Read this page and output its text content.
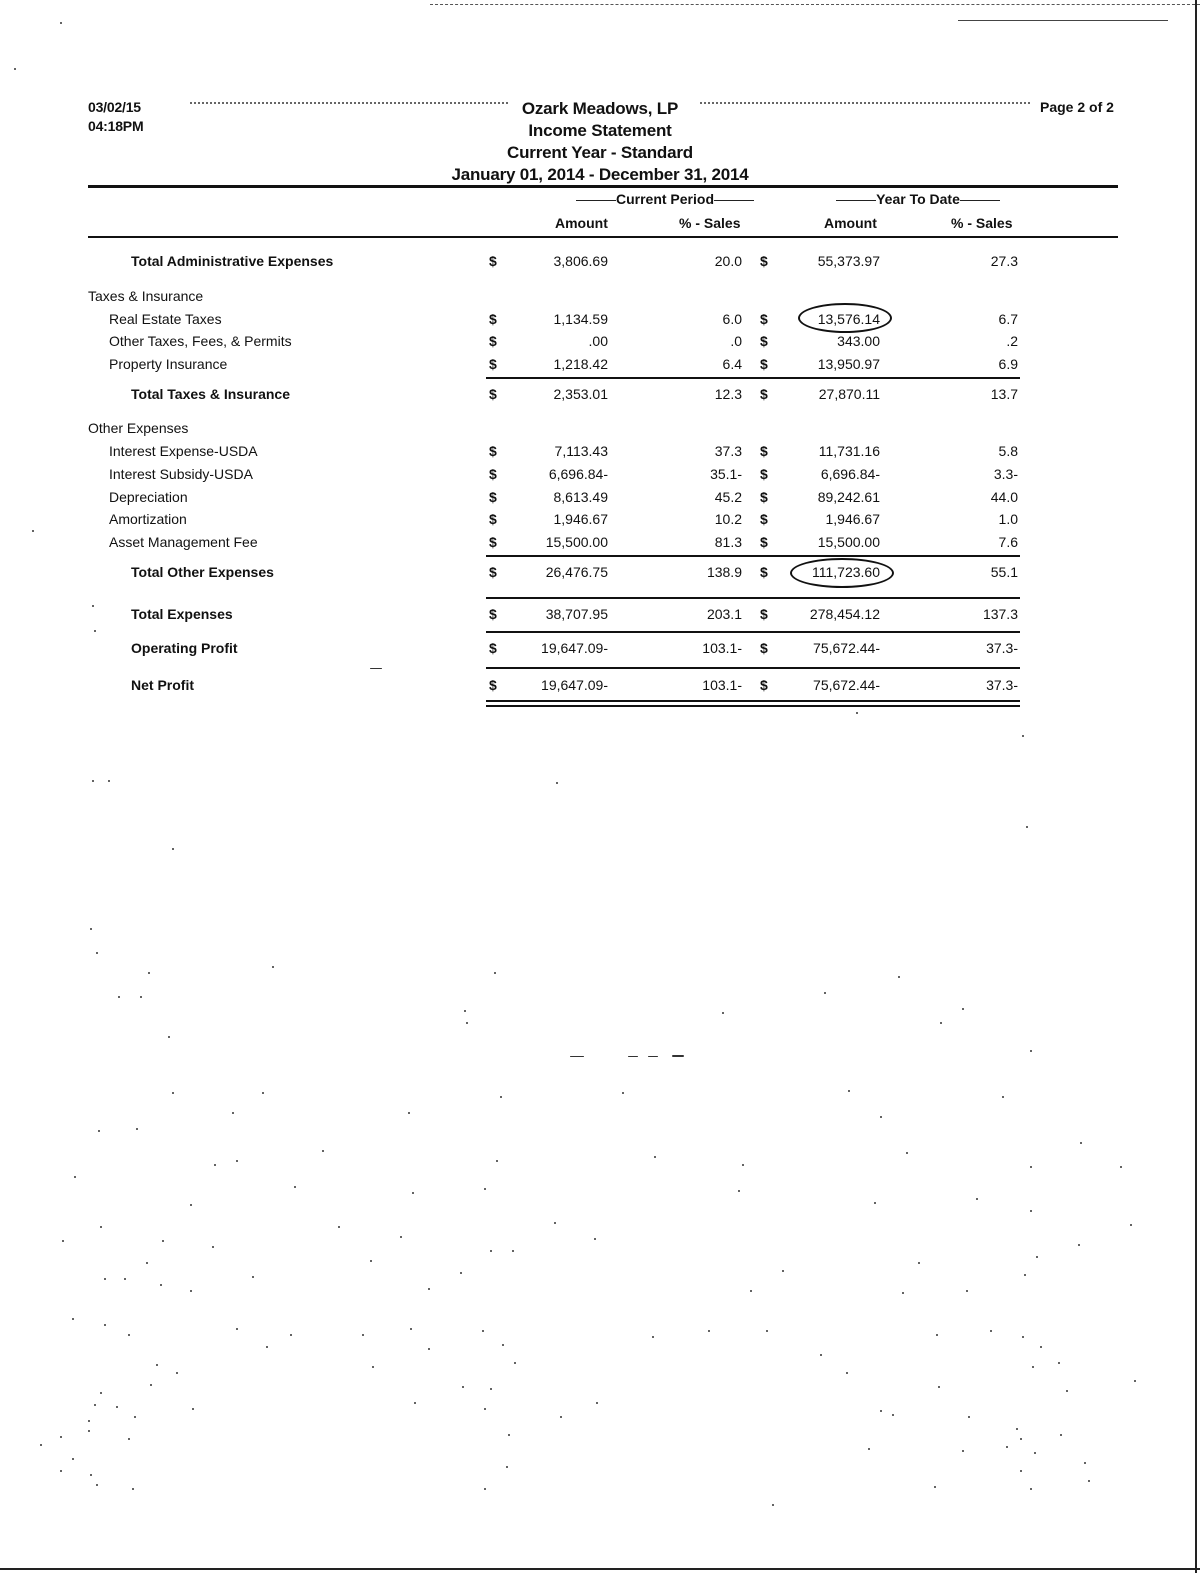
03/02/15
04:18PM
Ozark Meadows, LP
Income Statement
Current Year - Standard
January 01, 2014 - December 31, 2014
Page 2 of 2
Current Period	Year To Date
Amount	% - Sales	Amount	% - Sales
Total Administrative Expenses	$	3,806.69	20.0 $	55,373.97	27.3
Taxes & Insurance
Real Estate Taxes	$	1,134.59	6.0 $	13,576.14	6.7
Other Taxes, Fees, & Permits	$	.00	.0 $	343.00	.2
Property Insurance	$	1,218.42	6.4 $	13,950.97	6.9
Total Taxes & Insurance	$	2,353.01	12.3 $	27,870.11	13.7
Other Expenses
Interest Expense-USDA	$	7,113.43	37.3 $	11,731.16	5.8
Interest Subsidy-USDA	$	6,696.84-	35.1- $	6,696.84-	3.3-
Depreciation	$	8,613.49	45.2 $	89,242.61	44.0
Amortization	$	1,946.67	10.2 $	1,946.67	1.0
Asset Management Fee	$	15,500.00	81.3 $	15,500.00	7.6
Total Other Expenses	$	26,476.75	138.9 $	111,723.60	55.1
Total Expenses	$	38,707.95	203.1 $	278,454.12	137.3
Operating Profit	$	19,647.09-	103.1- $	75,672.44-	37.3-
Net Profit	$	19,647.09-	103.1- $	75,672.44-	37.3-
